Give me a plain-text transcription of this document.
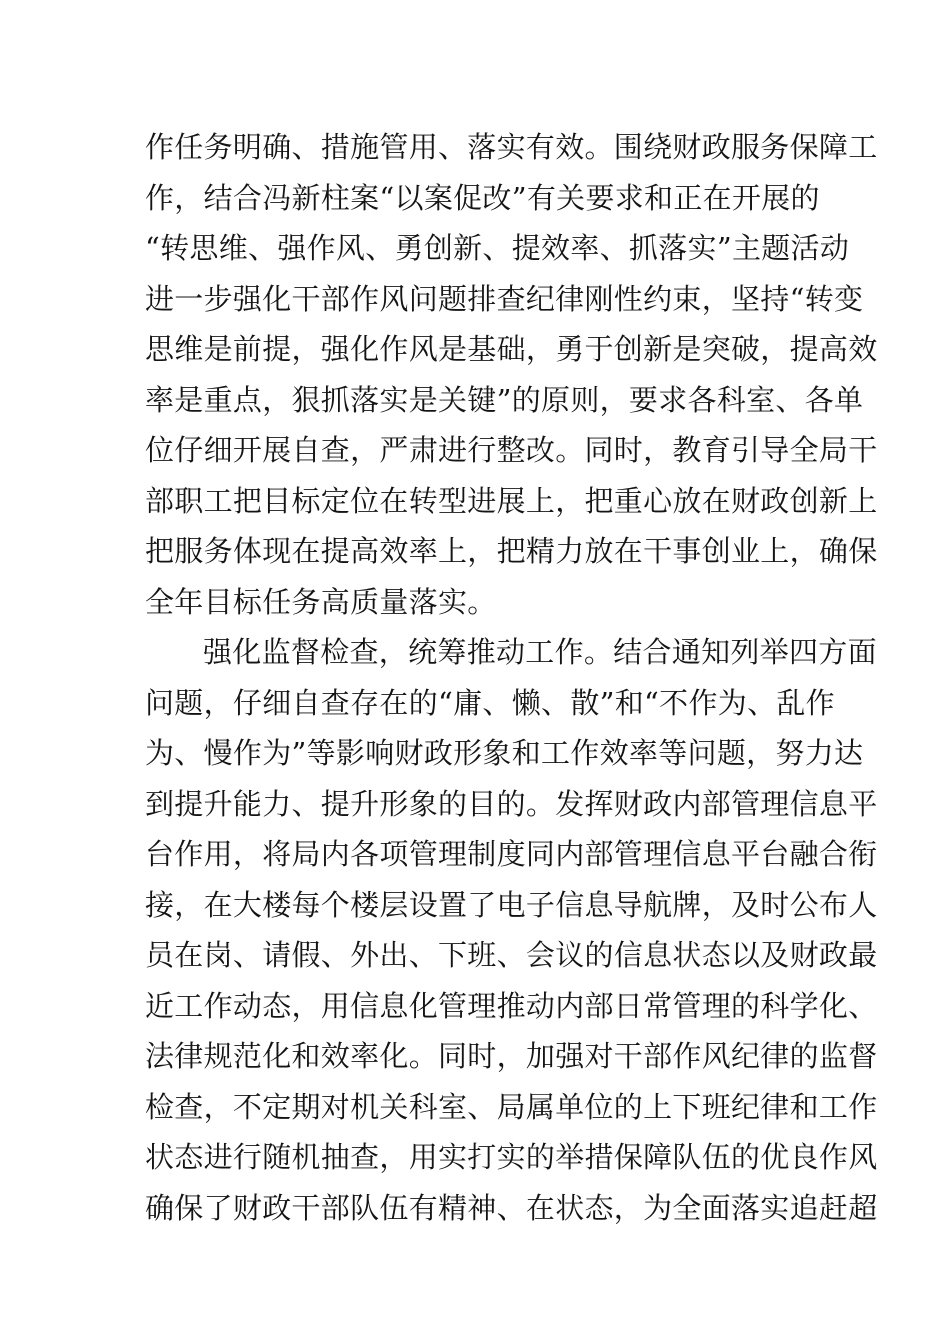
作任务明确、措施管用、落实有效。围绕财政服务保障工
作，结合冯新柱案“以案促改”有关要求和正在开展的
“转思维、强作风、勇创新、提效率、抓落实”主题活动
进一步强化干部作风问题排查纪律刚性约束，坚持“转变
思维是前提，强化作风是基础，勇于创新是突破，提高效
率是重点，狠抓落实是关键”的原则，要求各科室、各单
位仔细开展自查，严肃进行整改。同时，教育引导全局干
部职工把目标定位在转型进展上，把重心放在财政创新上
把服务体现在提高效率上，把精力放在干事创业上，确保
全年目标任务高质量落实。
强化监督检查，统筹推动工作。结合通知列举四方面
问题，仔细自查存在的“庸、懒、散”和“不作为、乱作
为、慢作为”等影响财政形象和工作效率等问题，努力达
到提升能力、提升形象的目的。发挥财政内部管理信息平
台作用，将局内各项管理制度同内部管理信息平台融合衔
接，在大楼每个楼层设置了电子信息导航牌，及时公布人
员在岗、请假、外出、下班、会议的信息状态以及财政最
近工作动态，用信息化管理推动内部日常管理的科学化、
法律规范化和效率化。同时，加强对干部作风纪律的监督
检查，不定期对机关科室、局属单位的上下班纪律和工作
状态进行随机抽查，用实打实的举措保障队伍的优良作风
确保了财政干部队伍有精神、在状态，为全面落实追赶超
